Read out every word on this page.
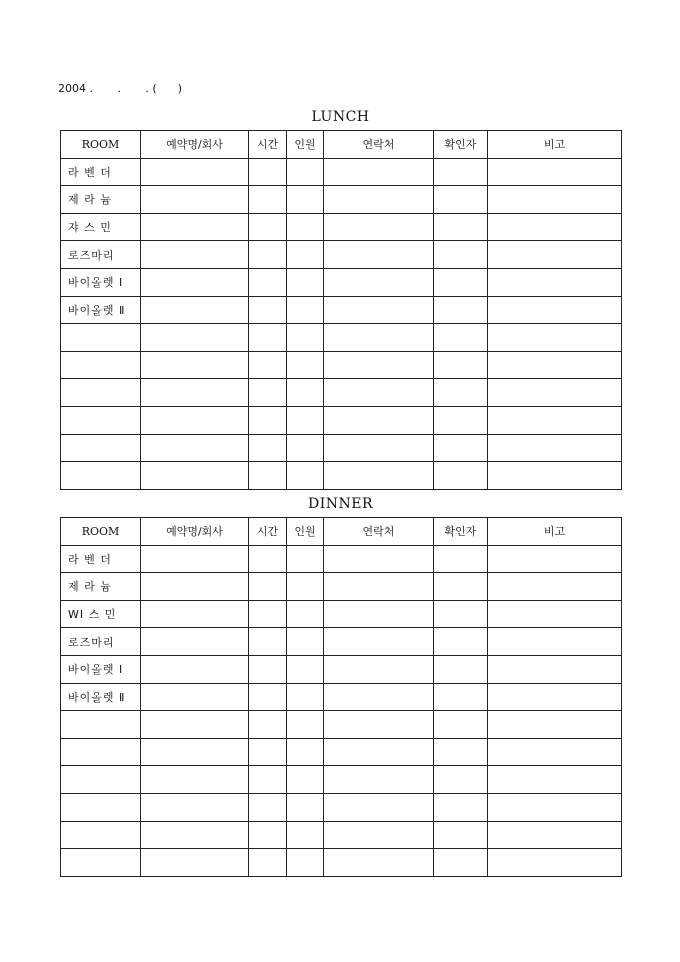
2004 .       .       . (      )
LUNCH
ROOM	예약명/회사	시간	인원	연락처	확인자	비고
라 벤 더						
제 라 늄						
쟈 스 민						
로즈마리						
바이올렛 Ⅰ						
바이올렛 Ⅱ						

DINNER
ROOM	예약명/회사	시간	인원	연락처	확인자	비고
라 벤 더						
제 라 늄						
WI 스 민						
로즈마리						
바이올렛 Ⅰ						
바이올렛 Ⅱ						
